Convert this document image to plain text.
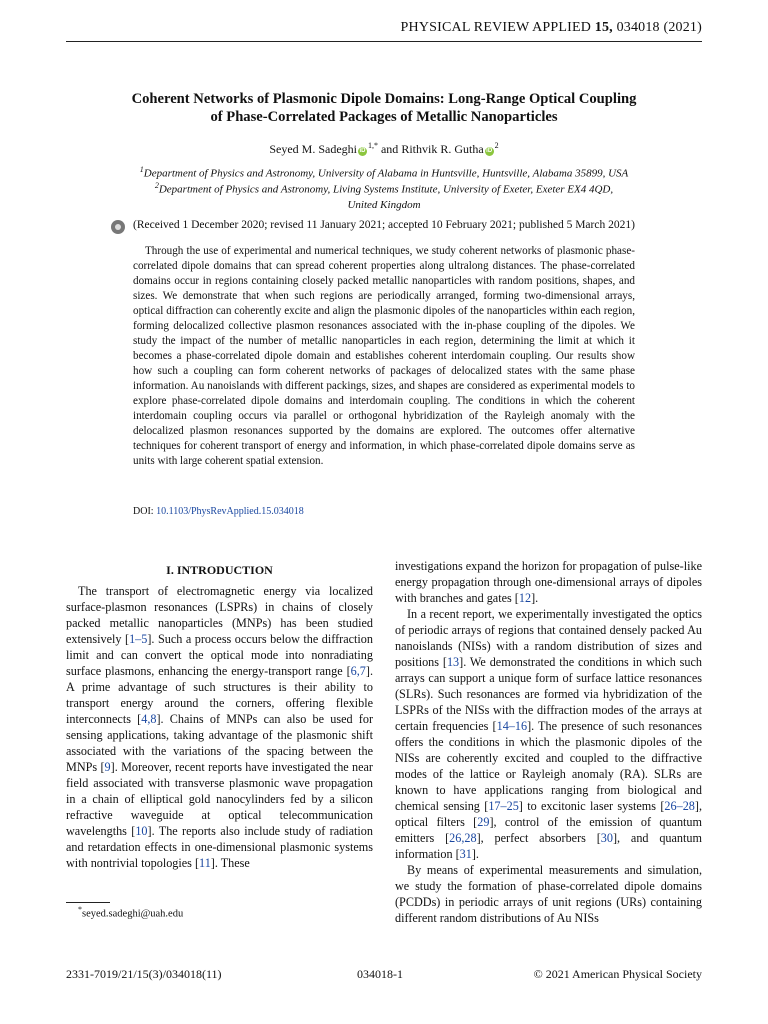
PHYSICAL REVIEW APPLIED 15, 034018 (2021)
Coherent Networks of Plasmonic Dipole Domains: Long-Range Optical Coupling
of Phase-Correlated Packages of Metallic Nanoparticles
Seyed M. Sadeghi $iD^{1,*}$ and Rithvik R. Gutha $iD^2$
$^1$Department of Physics and Astronomy, University of Alabama in Huntsville, Huntsville, Alabama 35899, USA
$^2$Department of Physics and Astronomy, Living Systems Institute, University of Exeter, Exeter EX4 4QD,
United Kingdom
(Received 1 December 2020; revised 11 January 2021; accepted 10 February 2021; published 5 March 2021)

Through the use of experimental and numerical techniques, we study coherent networks of plasmonic phase-correlated dipole domains that can spread coherent properties along ultralong distances. The phase-correlated domains occur in regions containing closely packed metallic nanoparticles with random positions, shapes, and sizes. We demonstrate that when such regions are periodically arranged, forming two-dimensional arrays, optical diffraction can coherently excite and align the plasmonic dipoles of the nanoparticles within each region, forming delocalized collective plasmon resonances associated with the in-phase coupling of the dipoles. We study the impact of the number of metallic nanoparticles in each region, determining the limit at which it becomes a phase-correlated dipole domain and establishes coherent interdomain coupling. Our results show how such a coupling can form coherent networks of packages of delocalized states with the same phase information. Au nanoislands with different packings, sizes, and shapes are considered as experimental models to explore phase-correlated dipole domains and interdomain coupling. The conditions in which the coherent interdomain coupling occurs via parallel or orthogonal hybridization of the Rayleigh anomaly with the delocalized plasmon resonances supported by the domains are explored. The outcomes offer alternative techniques for coherent transport of energy and information, in which phase-correlated dipole domains serve as units with large coherent spatial extension.

DOI: 10.1103/PhysRevApplied.15.034018
I. INTRODUCTION

The transport of electromagnetic energy via localized surface-plasmon resonances (LSPRs) in chains of closely packed metallic nanoparticles (MNPs) has been studied extensively [1–5]. Such a process occurs below the diffraction limit and can convert the optical mode into nonradiating surface plasmons, enhancing the energy-transport range [6,7]. A prime advantage of such structures is their ability to transport energy around the corners, offering flexible interconnects [4,8]. Chains of MNPs can also be used for sensing applications, taking advantage of the plasmonic shift associated with the variations of the spacing between the MNPs [9]. Moreover, recent reports have investigated the near field associated with transverse plasmonic wave propagation in a chain of elliptical gold nanocylinders fed by a silicon refractive waveguide at optical telecommunication wavelengths [10]. The reports also include study of radiation and retardation effects in one-dimensional plasmonic systems with nontrivial topologies [11]. These

investigations expand the horizon for propagation of pulse-like energy propagation through one-dimensional arrays of dipoles with branches and gates [12].

In a recent report, we experimentally investigated the optics of periodic arrays of regions that contained densely packed Au nanoislands (NISs) with a random distribution of sizes and positions [13]. We demonstrated the conditions in which such arrays can support a unique form of surface lattice resonances (SLRs). Such resonances are formed via hybridization of the LSPRs of the NISs with the diffraction modes of the arrays at certain frequencies [14–16]. The presence of such resonances offers the conditions in which the plasmonic dipoles of the NISs are coherently excited and coupled to the diffractive modes of the lattice or Rayleigh anomaly (RA). SLRs are known to have applications ranging from biological and chemical sensing [17–25] to excitonic laser systems [26–28], optical filters [29], control of the emission of quantum emitters [26,28], perfect absorbers [30], and quantum information [31].

By means of experimental measurements and simulation, we study the formation of phase-correlated dipole domains (PCDDs) in periodic arrays of unit regions (URs) containing different random distributions of Au NISs

*seyed.sadeghi@uah.edu
2331-7019/21/15(3)/034018(11)	034018-1	© 2021 American Physical Society
